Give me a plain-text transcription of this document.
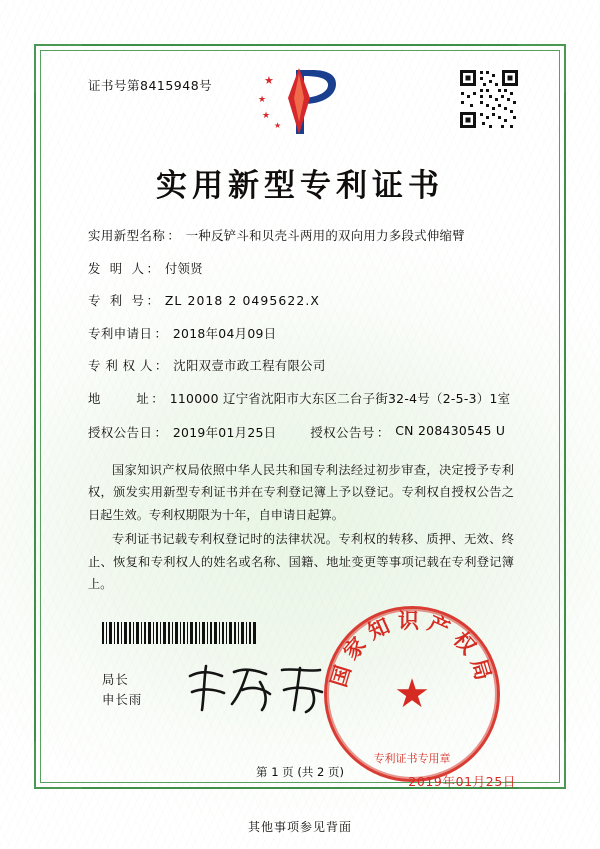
证书号第8415948号	★
★
★
★
实用新型专利证书
实用新型名称 ： 一种反铲斗和贝壳斗两用的双向用力多段式伸缩臂
发  明  人 ： 付领贤
专  利  号 ： ZL 2018 2 0495622.X
专利申请日 ： 2018年04月09日
专 利 权 人 ： 沈阳双壹市政工程有限公司
地        址 ： 110000 辽宁省沈阳市大东区二台子街32-4号（2-5-3）1室
授权公告日 ： 2019年01月25日	授权公告号 ： CN 208430545 U

国家知识产权局依照中华人民共和国专利法经过初步审查，决定授予专利权，颁发实用新型专利证书并在专利登记簿上予以登记。专利权自授权公告之日起生效。专利权期限为十年，自申请日起算。

专利证书记载专利权登记时的法律状况。专利权的转移、质押、无效、终止、恢复和专利权人的姓名或名称、国籍、地址变更等事项记载在专利登记簿上。

局长
申长雨
国家知识产权局
★
专利证书专用章
2019年01月25日
第 1 页 (共 2 页)
其他事项参见背面
